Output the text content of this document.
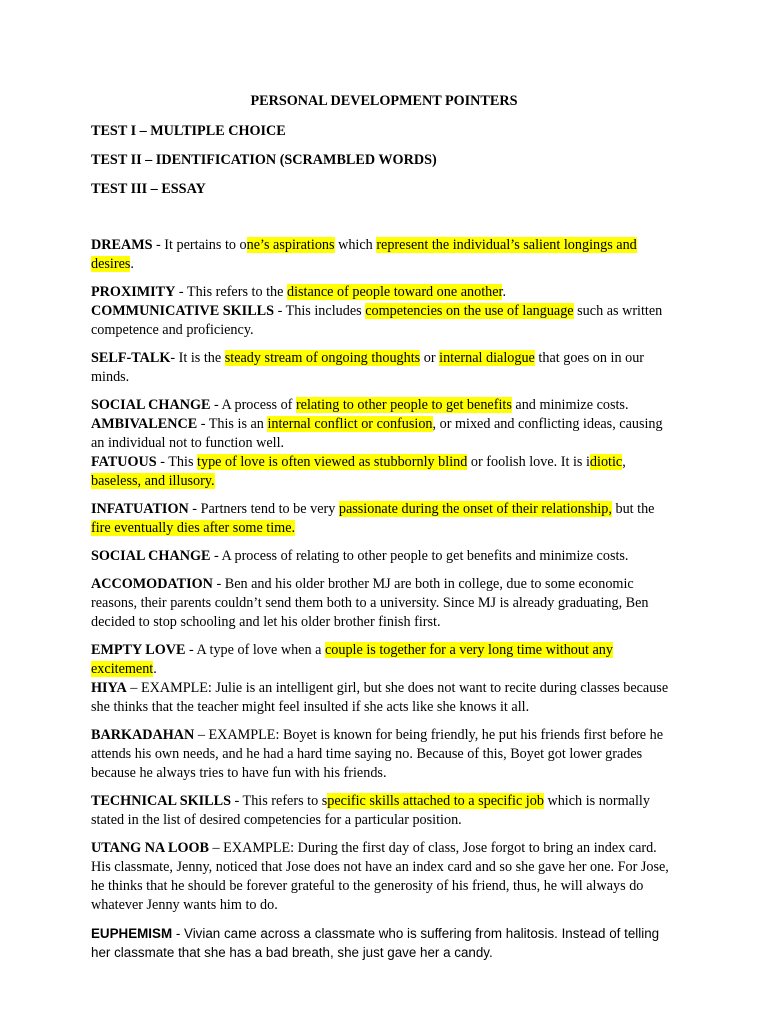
PERSONAL DEVELOPMENT POINTERS
TEST I – MULTIPLE CHOICE
TEST II – IDENTIFICATION (SCRAMBLED WORDS)
TEST III – ESSAY

DREAMS - It pertains to one’s aspirations which represent the individual’s salient longings and desires.

PROXIMITY - This refers to the distance of people toward one another.

COMMUNICATIVE SKILLS - This includes competencies on the use of language such as written competence and proficiency.

SELF-TALK- It is the steady stream of ongoing thoughts or internal dialogue that goes on in our minds.

SOCIAL CHANGE - A process of relating to other people to get benefits and minimize costs.

AMBIVALENCE - This is an internal conflict or confusion, or mixed and conflicting ideas, causing an individual not to function well.

FATUOUS - This type of love is often viewed as stubbornly blind or foolish love. It is idiotic, baseless, and illusory.

INFATUATION - Partners tend to be very passionate during the onset of their relationship, but the fire eventually dies after some time.

SOCIAL CHANGE - A process of relating to other people to get benefits and minimize costs.

ACCOMODATION - Ben and his older brother MJ are both in college, due to some economic reasons, their parents couldn’t send them both to a university. Since MJ is already graduating, Ben decided to stop schooling and let his older brother finish first.

EMPTY LOVE - A type of love when a couple is together for a very long time without any excitement.

HIYA – EXAMPLE: Julie is an intelligent girl, but she does not want to recite during classes because she thinks that the teacher might feel insulted if she acts like she knows it all.

BARKADAHAN – EXAMPLE: Boyet is known for being friendly, he put his friends first before he attends his own needs, and he had a hard time saying no. Because of this, Boyet got lower grades because he always tries to have fun with his friends.

TECHNICAL SKILLS - This refers to specific skills attached to a specific job which is normally stated in the list of desired competencies for a particular position.

UTANG NA LOOB – EXAMPLE: During the first day of class, Jose forgot to bring an index card. His classmate, Jenny, noticed that Jose does not have an index card and so she gave her one. For Jose, he thinks that he should be forever grateful to the generosity of his friend, thus, he will always do whatever Jenny wants him to do.

EUPHEMISM - Vivian came across a classmate who is suffering from halitosis. Instead of telling her classmate that she has a bad breath, she just gave her a candy.
